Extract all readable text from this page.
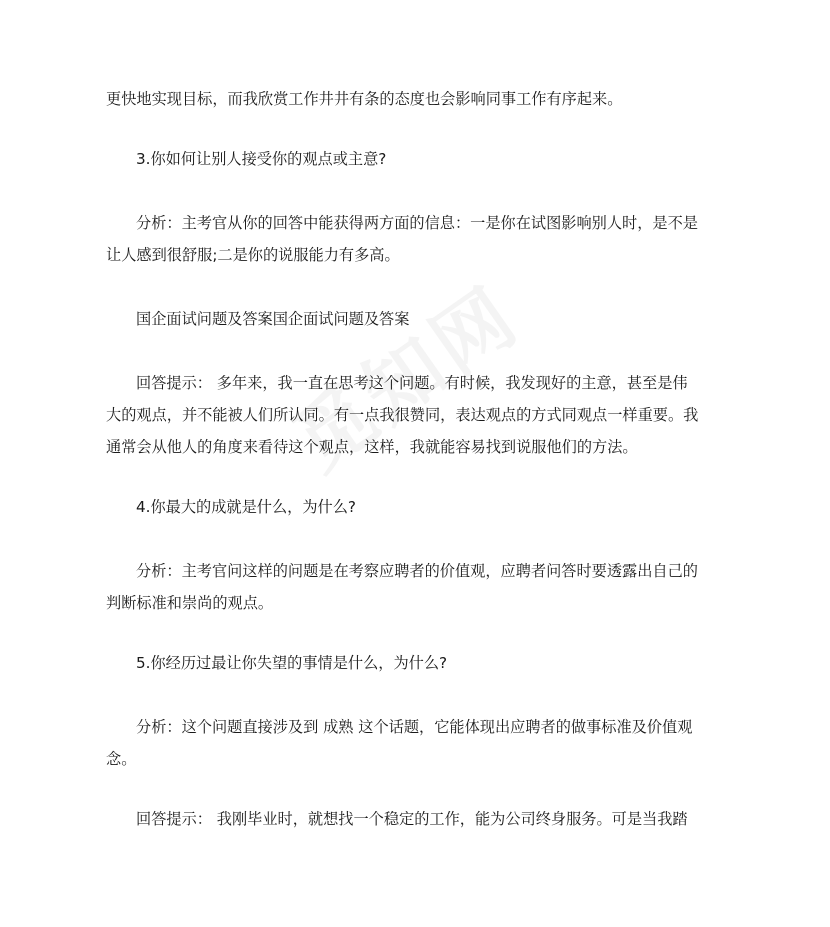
更快地实现目标，而我欣赏工作井井有条的态度也会影响同事工作有序起来。
3.你如何让别人接受你的观点或主意?
分析：主考官从你的回答中能获得两方面的信息：一是你在试图影响别人时，是不是
让人感到很舒服;二是你的说服能力有多高。
国企面试问题及答案国企面试问题及答案
回答提示： 多年来，我一直在思考这个问题。有时候，我发现好的主意，甚至是伟
大的观点，并不能被人们所认同。有一点我很赞同，表达观点的方式同观点一样重要。我
通常会从他人的角度来看待这个观点，这样，我就能容易找到说服他们的方法。
4.你最大的成就是什么，为什么?
分析：主考官问这样的问题是在考察应聘者的价值观，应聘者问答时要透露出自己的
判断标准和崇尚的观点。
5.你经历过最让你失望的事情是什么，为什么?
分析：这个问题直接涉及到 成熟 这个话题，它能体现出应聘者的做事标准及价值观
念。
回答提示： 我刚毕业时，就想找一个稳定的工作，能为公司终身服务。可是当我踏
